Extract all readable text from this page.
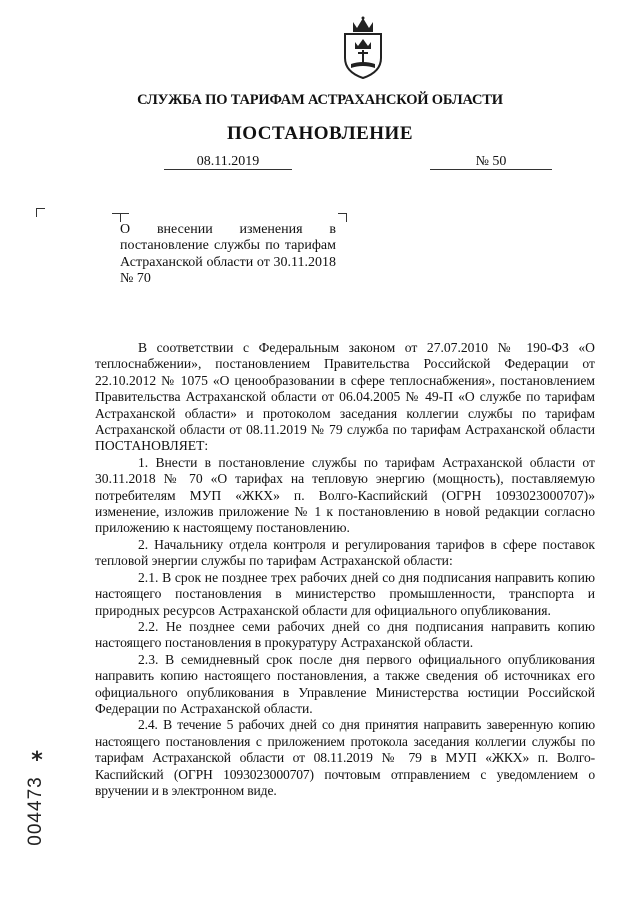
СЛУЖБА ПО ТАРИФАМ АСТРАХАНСКОЙ ОБЛАСТИ
ПОСТАНОВЛЕНИЕ
08.11.2019	№ 50
О внесении изменения в постановление службы по тарифам Астраханской области от 30.11.2018 № 70

В соответствии с Федеральным законом от 27.07.2010 № 190-ФЗ «О теплоснабжении», постановлением Правительства Российской Федерации от 22.10.2012 № 1075 «О ценообразовании в сфере теплоснабжения», постановлением Правительства Астраханской области от 06.04.2005 № 49-П «О службе по тарифам Астраханской области» и протоколом заседания коллегии службы по тарифам Астраханской области от 08.11.2019 № 79 служба по тарифам Астраханской области ПОСТАНОВЛЯЕТ:

1. Внести в постановление службы по тарифам Астраханской области от 30.11.2018 № 70 «О тарифах на тепловую энергию (мощность), поставляемую потребителям МУП «ЖКХ» п. Волго-Каспийский (ОГРН 1093023000707)» изменение, изложив приложение № 1 к постановлению в новой редакции согласно приложению к настоящему постановлению.

2. Начальнику отдела контроля и регулирования тарифов в сфере поставок тепловой энергии службы по тарифам Астраханской области:

2.1. В срок не позднее трех рабочих дней со дня подписания направить копию настоящего постановления в министерство промышленности, транспорта и природных ресурсов Астраханской области для официального опубликования.

2.2. Не позднее семи рабочих дней со дня подписания направить копию настоящего постановления в прокуратуру Астраханской области.

2.3. В семидневный срок после дня первого официального опубликования направить копию настоящего постановления, а также сведения об источниках его официального опубликования в Управление Министерства юстиции Российской Федерации по Астраханской области.

2.4. В течение 5 рабочих дней со дня принятия направить заверенную копию настоящего постановления с приложением протокола заседания коллегии службы по тарифам Астраханской области от 08.11.2019 № 79 в МУП «ЖКХ» п. Волго-Каспийский (ОГРН 1093023000707) почтовым отправлением с уведомлением о вручении и в электронном виде.

*
004473
